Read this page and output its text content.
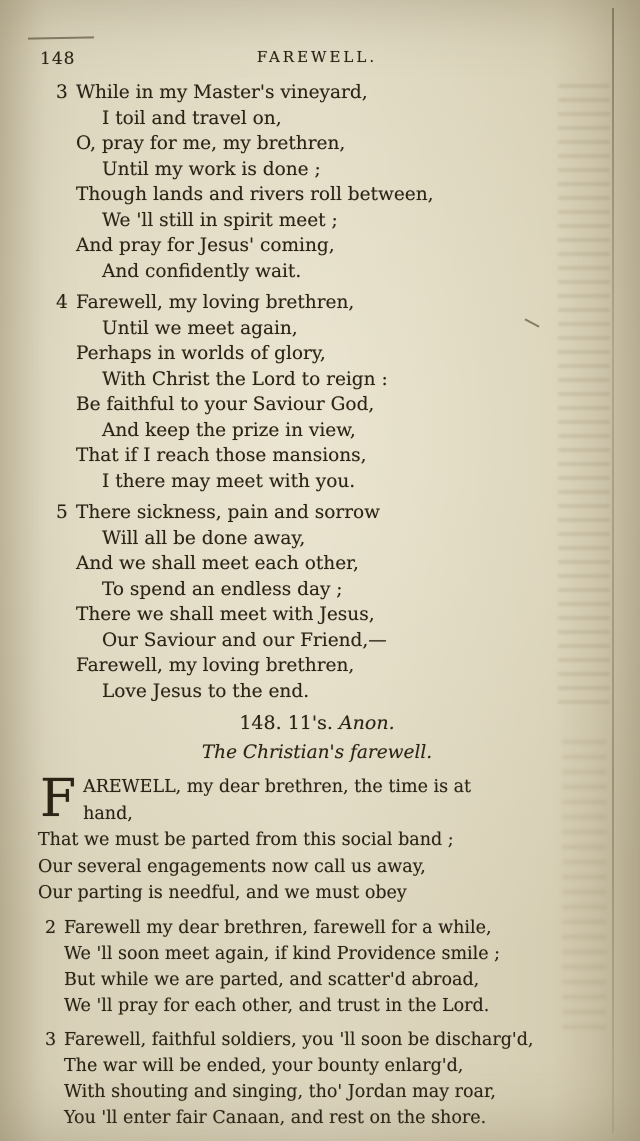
148	FAREWELL.
3 While in my Master's vineyard,
I toil and travel on,
O, pray for me, my brethren,
Until my work is done ;
Though lands and rivers roll between,
We 'll still in spirit meet ;
And pray for Jesus' coming,
And confidently wait.
4 Farewell, my loving brethren,
Until we meet again,
Perhaps in worlds of glory,
With Christ the Lord to reign :
Be faithful to your Saviour God,
And keep the prize in view,
That if I reach those mansions,
I there may meet with you.
5 There sickness, pain and sorrow
Will all be done away,
And we shall meet each other,
To spend an endless day ;
There we shall meet with Jesus,
Our Saviour and our Friend,—
Farewell, my loving brethren,
Love Jesus to the end.
148. 11's. Anon.
The Christian's farewell.
F AREWELL, my dear brethren, the time is at
hand,
That we must be parted from this social band ;
Our several engagements now call us away,
Our parting is needful, and we must obey
2 Farewell my dear brethren, farewell for a while,
We 'll soon meet again, if kind Providence smile ;
But while we are parted, and scatter'd abroad,
We 'll pray for each other, and trust in the Lord.
3 Farewell, faithful soldiers, you 'll soon be discharg'd,
The war will be ended, your bounty enlarg'd,
With shouting and singing, tho' Jordan may roar,
You 'll enter fair Canaan, and rest on the shore.
